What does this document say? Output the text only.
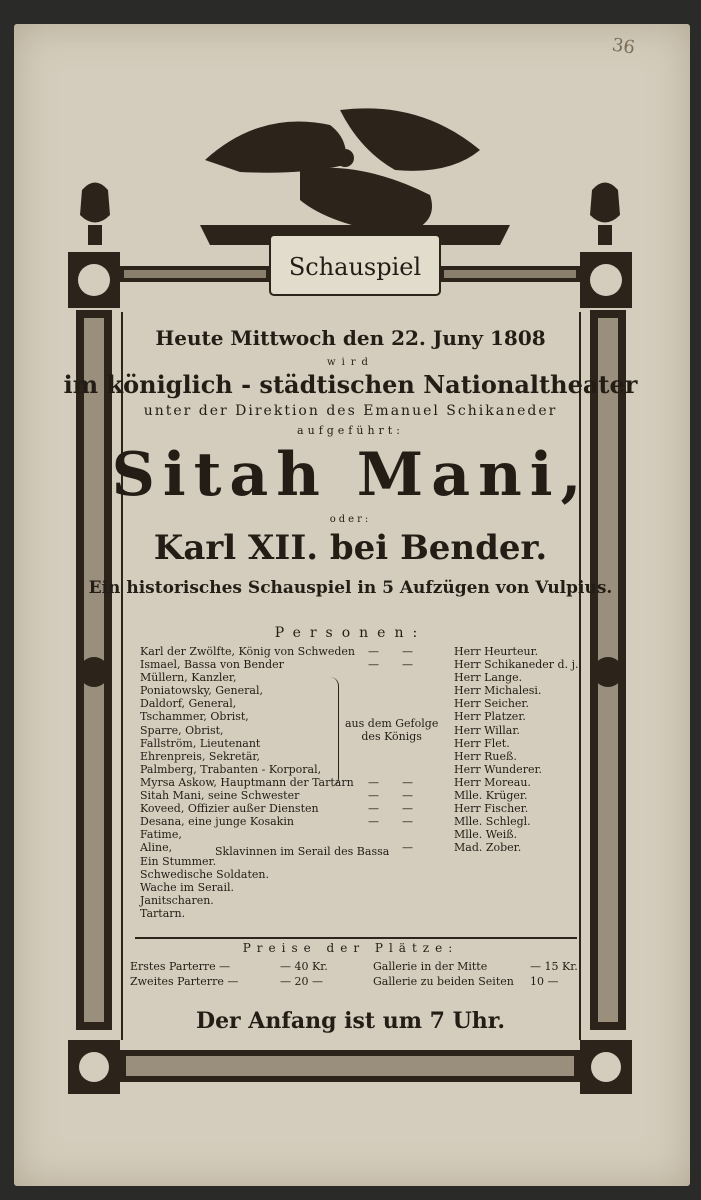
36
Schauspiel
Heute Mittwoch den 22. Juny 1808
wird
im königlich - städtischen Nationaltheater
unter der Direktion des Emanuel Schikaneder
aufgeführt:
Sitah Mani,
oder:
Karl XII. bei Bender.
Ein historisches Schauspiel in 5 Aufzügen von Vulpius.
Personen:
Karl der Zwölfte, König von Schweden — —	Herr Heurteur.
Ismael, Bassa von Bender	— —	Herr Schikaneder d. j.
Müllern, Kanzler,	Herr Lange.
Poniatowsky, General,	Herr Michalesi.
Daldorf, General,	Herr Seicher.
Tschammer, Obrist,	Herr Platzer.
Sparre, Obrist,	Herr Willar.
Fallström, Lieutenant	Herr Flet.
Ehrenpreis, Sekretär,	Herr Rueß.
Palmberg, Trabanten - Korporal,	Herr Wunderer.
Myrsa Askow, Hauptmann der Tartarn — —	Herr Moreau.
Sitah Mani, seine Schwester	— —	Mlle. Krüger.
Koveed, Offizier außer Diensten	— —	Herr Fischer.
Desana, eine junge Kosakin	— —	Mlle. Schlegl.
Fatime,	Mlle. Weiß.
Aline,	—	Mad. Zober.
Ein Stummer.
Schwedische Soldaten.
Wache im Serail.
Janitscharen.
Tartarn.
aus dem Gefolge
des Königs
Sklavinnen im Serail des Bassa
Preise der Plätze:
Erstes Parterre —	— 40 Kr.	Gallerie in der Mitte	— 15 Kr.
Zweites Parterre —	— 20 —	Gallerie zu beiden Seiten 10 —
Der Anfang ist um 7 Uhr.
